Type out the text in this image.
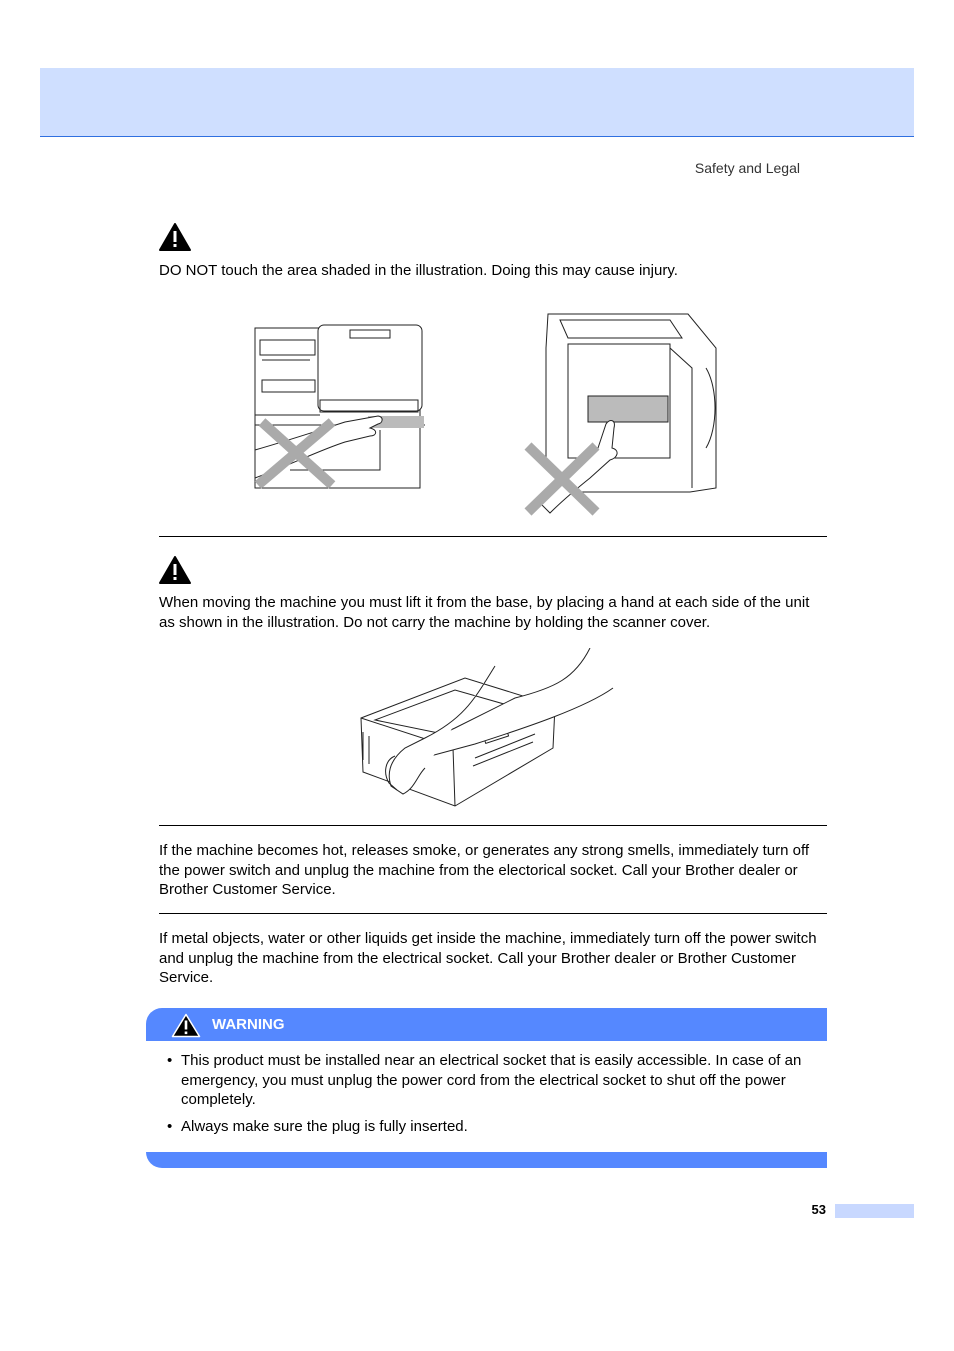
Safety and Legal
DO NOT touch the area shaded in the illustration. Doing this may cause injury.
When moving the machine you must lift it from the base, by placing a hand at each side of the unit as shown in the illustration. Do not carry the machine by holding the scanner cover.
If the machine becomes hot, releases smoke, or generates any strong smells, immediately turn off the power switch and unplug the machine from the electorical socket. Call your Brother dealer or Brother Customer Service.
If metal objects, water or other liquids get inside the machine, immediately turn off the power switch and unplug the machine from the electrical socket. Call your Brother dealer or Brother Customer Service.
WARNING
• This product must be installed near an electrical socket that is easily accessible. In case of an emergency, you must unplug the power cord from the electrical socket to shut off the power completely.
• Always make sure the plug is fully inserted.
53
